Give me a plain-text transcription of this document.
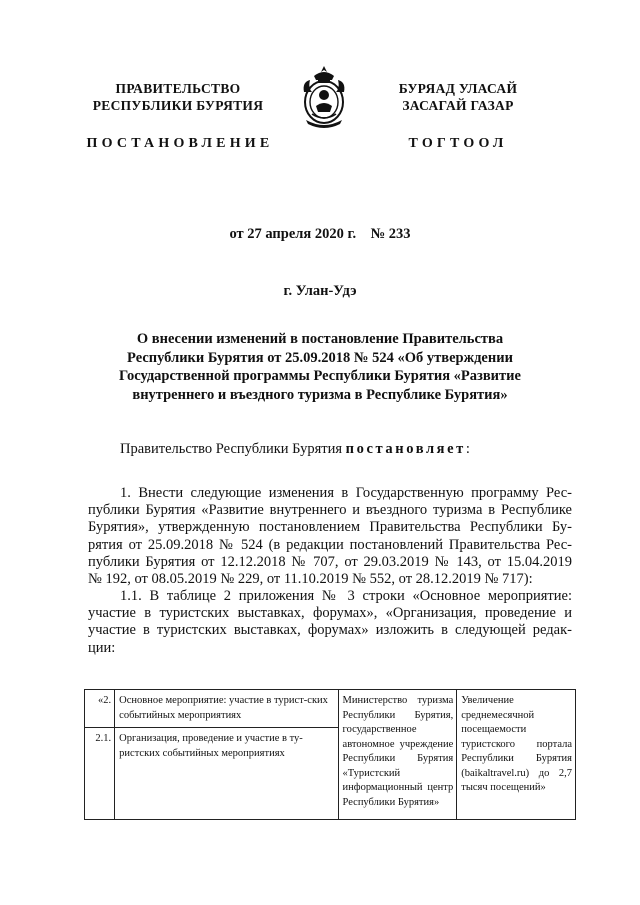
ПРАВИТЕЛЬСТВО
РЕСПУБЛИКИ БУРЯТИЯ
БУРЯАД УЛАСАЙ
ЗАСАГАЙ ГАЗАР
ПОСТАНОВЛЕНИЕ	ТОГТООЛ
от 27 апреля 2020 г.    № 233
г. Улан-Удэ
О внесении изменений в постановление Правительства
Республики Бурятия от 25.09.2018 № 524 «Об утверждении
Государственной программы Республики Бурятия «Развитие
внутреннего и въездного туризма в Республике Бурятия»
Правительство Республики Бурятия постановляет:
1. Внести следующие изменения в Государственную программу Рес-
публики Бурятия «Развитие внутреннего и въездного туризма в Республике
Бурятия», утвержденную постановлением Правительства Республики Бу-
рятия от 25.09.2018 № 524 (в редакции постановлений Правительства Рес-
публики Бурятия от 12.12.2018 № 707, от 29.03.2019 № 143, от 15.04.2019
№ 192, от 08.05.2019 № 229, от 11.10.2019 № 552, от 28.12.2019 № 717):
1.1. В таблице 2 приложения № 3 строки «Основное мероприятие:
участие в туристских выставках, форумах», «Организация, проведение и
участие в туристских выставках, форумах» изложить в следующей редак-
ции:
«2.	Основное мероприятие: участие в турист-ских событийных мероприятиях	Министерство туризма Республики Бурятия, государственное автономное учреждение Республики Бурятия «Туристский информационный центр Республики Бурятия»	Увеличение среднемесячной посещаемости туристского портала Республики Бурятия (baikaltravel.ru) до 2,7 тысяч посещений»
2.1.	Организация, проведение и участие в ту-ристских событийных мероприятиях		
